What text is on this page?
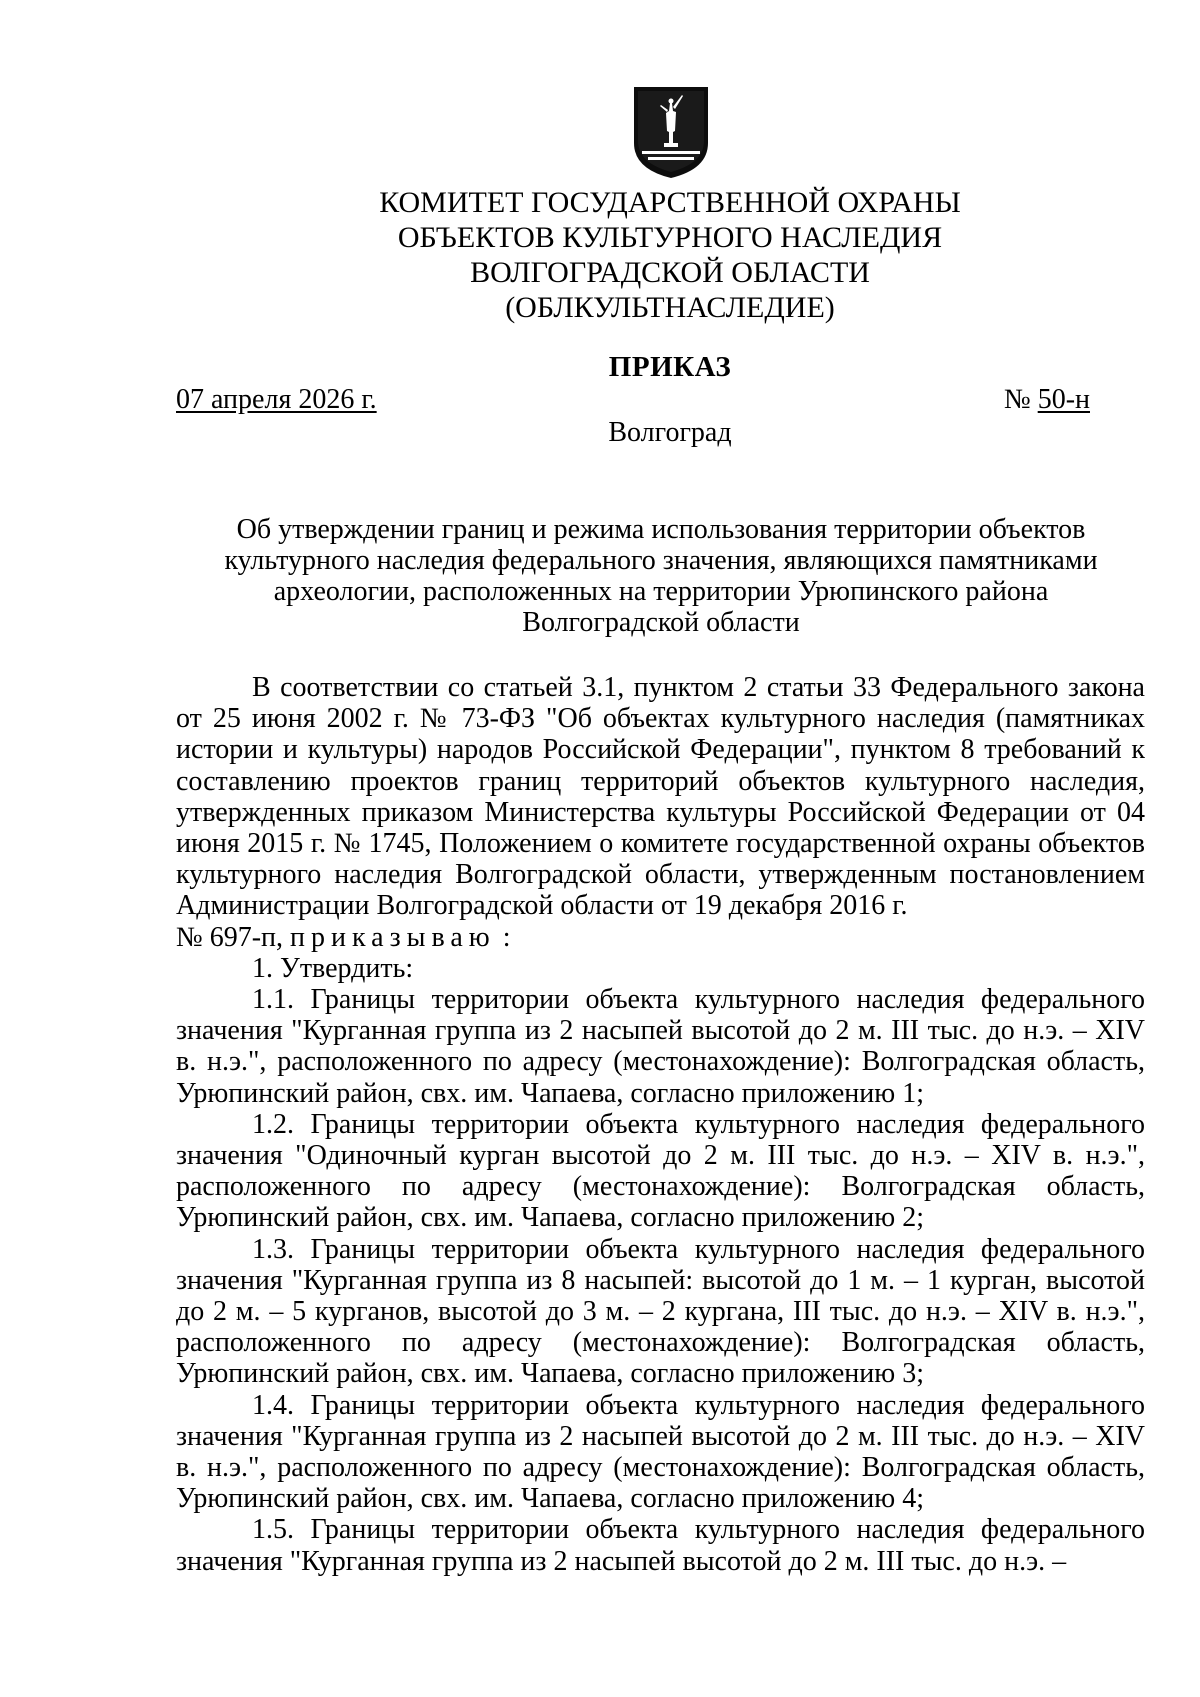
КОМИТЕТ ГОСУДАРСТВЕННОЙ ОХРАНЫ
ОБЪЕКТОВ КУЛЬТУРНОГО НАСЛЕДИЯ
ВОЛГОГРАДСКОЙ ОБЛАСТИ
(ОБЛКУЛЬТНАСЛЕДИЕ)
ПРИКАЗ
07 апреля 2026 г.	№ 50-н
Волгоград
Об утверждении границ и режима использования территории объектов
культурного наследия федерального значения, являющихся памятниками
археологии, расположенных на территории Урюпинского района
Волгоградской области

В соответствии со статьей 3.1, пунктом 2 статьи 33 Федерального закона от 25 июня 2002 г. № 73-ФЗ "Об объектах культурного наследия (памятниках истории и культуры) народов Российской Федерации", пунктом 8 требований к составлению проектов границ территорий объектов культурного наследия, утвержденных приказом Министерства культуры Российской Федерации от 04 июня 2015 г. № 1745, Положением о комитете государственной охраны объектов культурного наследия Волгоградской области, утвержденным постановлением Администрации Волгоградской области от 19 декабря 2016 г.

№ 697-п, приказываю :

1. Утвердить:

1.1. Границы территории объекта культурного наследия федерального значения "Курганная группа из 2 насыпей высотой до 2 м. III тыс. до н.э. – XIV в. н.э.", расположенного по адресу (местонахождение): Волгоградская область, Урюпинский район, свх. им. Чапаева, согласно приложению 1;

1.2. Границы территории объекта культурного наследия федерального значения "Одиночный курган высотой до 2 м. III тыс. до н.э. – XIV в. н.э.", расположенного по адресу (местонахождение): Волгоградская область, Урюпинский район, свх. им. Чапаева, согласно приложению 2;

1.3. Границы территории объекта культурного наследия федерального значения "Курганная группа из 8 насыпей: высотой до 1 м. – 1 курган, высотой до 2 м. – 5 курганов, высотой до 3 м. – 2 кургана, III тыс. до н.э. – XIV в. н.э.", расположенного по адресу (местонахождение): Волгоградская область, Урюпинский район, свх. им. Чапаева, согласно приложению 3;

1.4. Границы территории объекта культурного наследия федерального значения "Курганная группа из 2 насыпей высотой до 2 м. III тыс. до н.э. – XIV в. н.э.", расположенного по адресу (местонахождение): Волгоградская область, Урюпинский район, свх. им. Чапаева, согласно приложению 4;

1.5. Границы территории объекта культурного наследия федерального значения "Курганная группа из 2 насыпей высотой до 2 м. III тыс. до н.э. –
